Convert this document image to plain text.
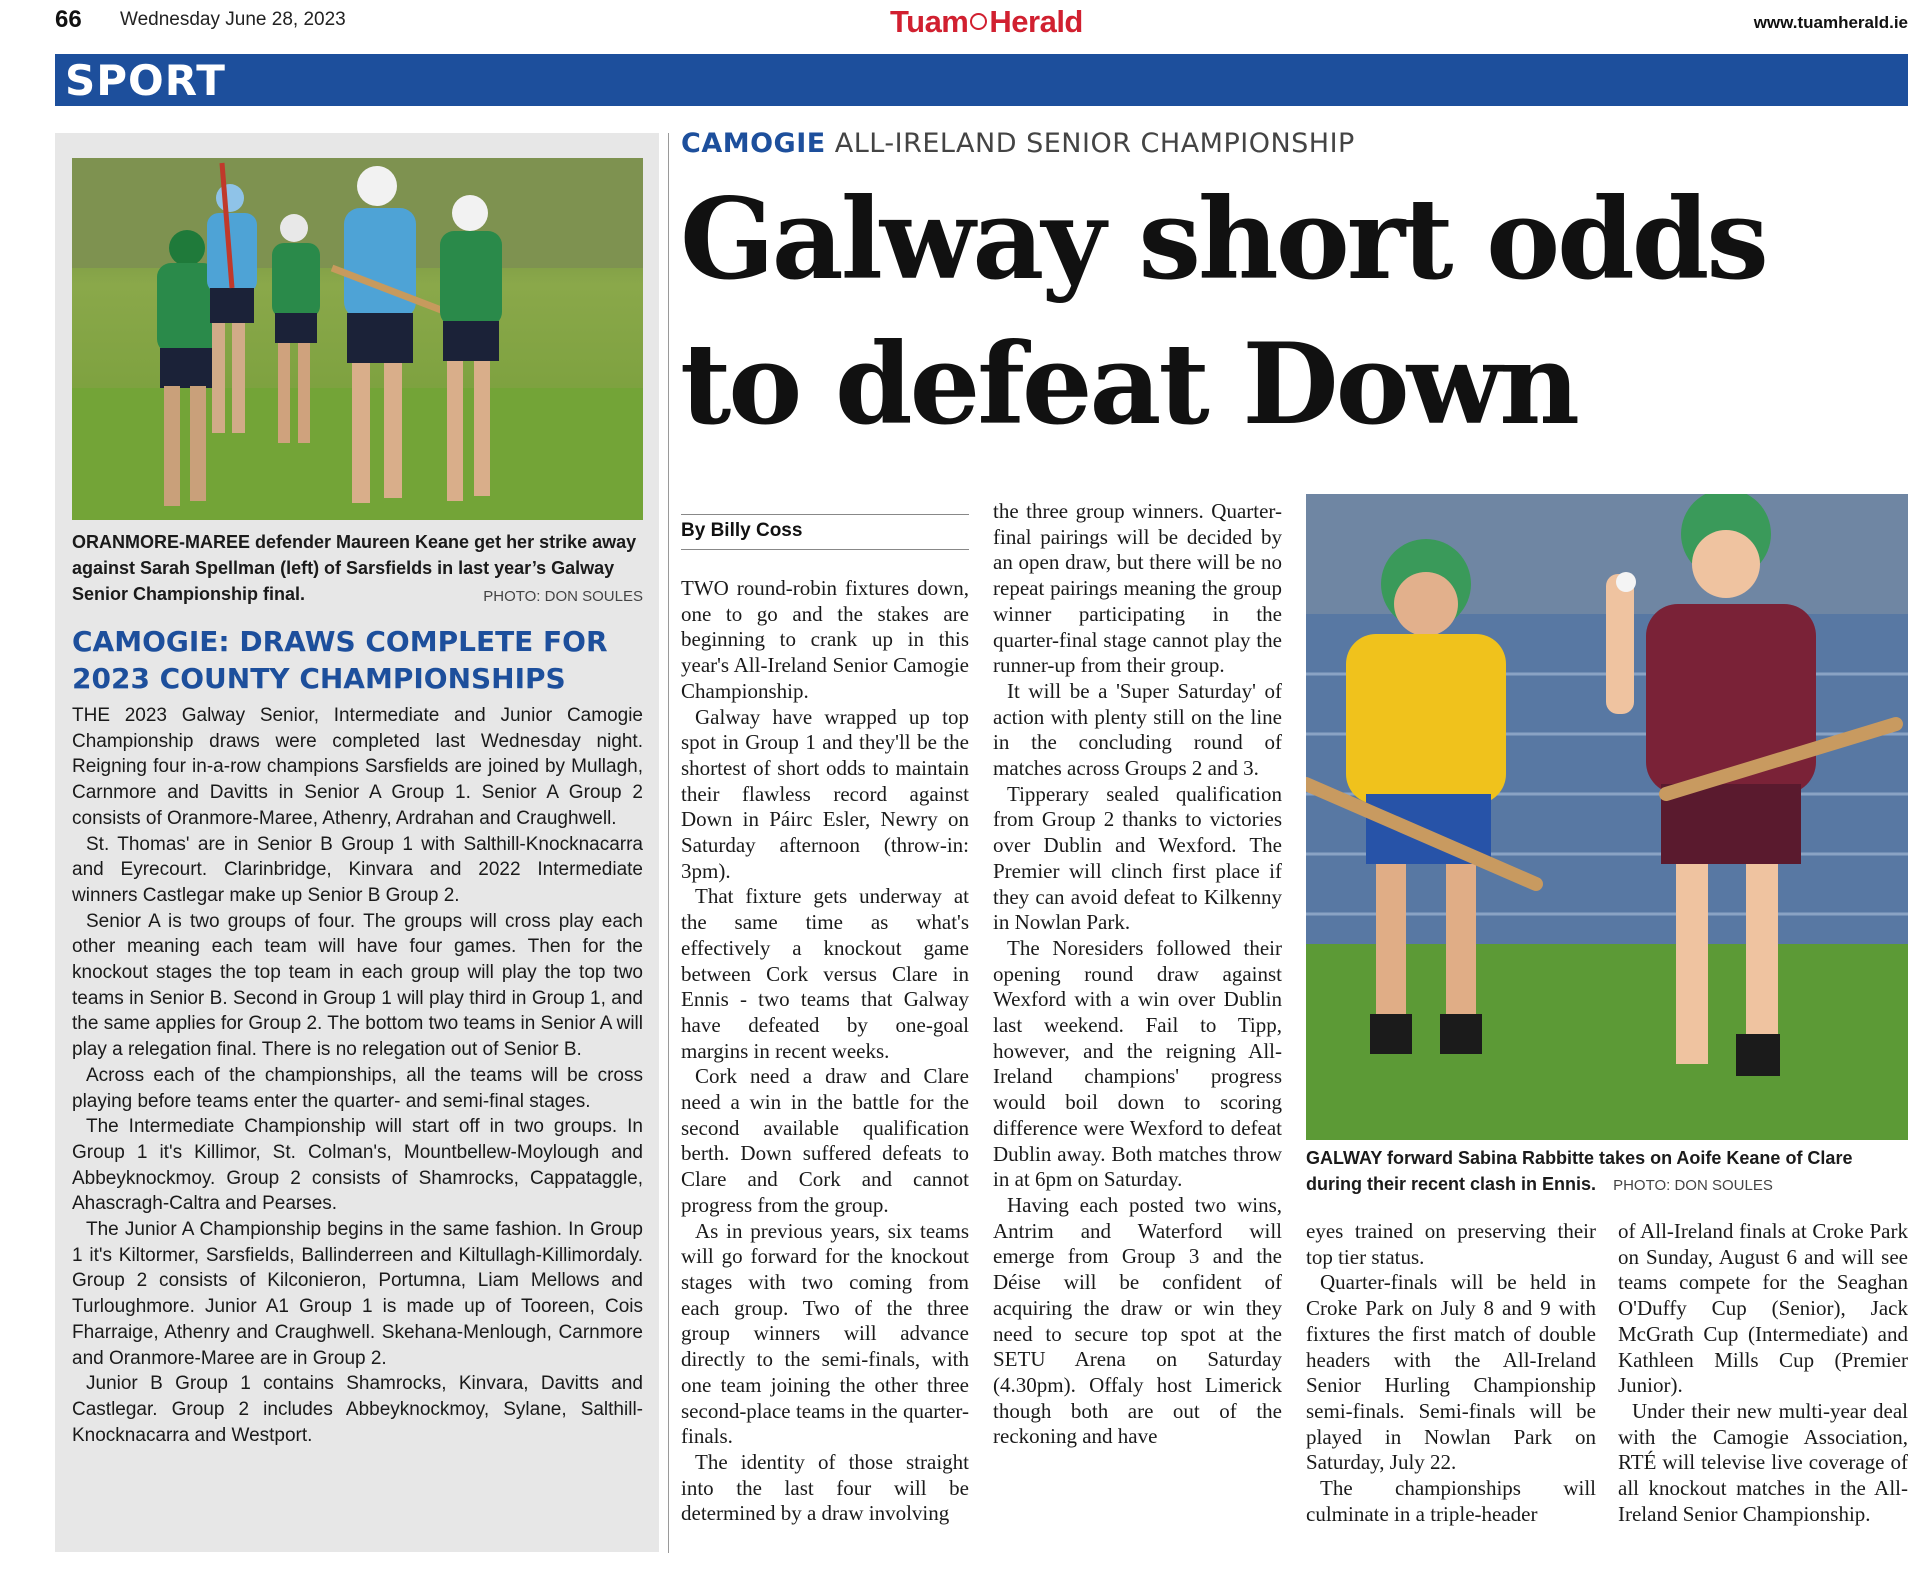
66 Wednesday June 28, 2023	Tuam Herald	www.tuamherald.ie
SPORT
ORANMORE-MAREE defender Maureen Keane get her strike away against Sarah Spellman (left) of Sarsfields in last year’s Galway Senior Championship final.	PHOTO: DON SOULES
CAMOGIE: DRAWS COMPLETE FOR 2023 COUNTY CHAMPIONSHIPS

THE 2023 Galway Senior, Intermediate and Junior Camogie Championship draws were completed last Wednesday night. Reigning four in-a-row champions Sarsfields are joined by Mullagh, Carnmore and Davitts in Senior A Group 1. Senior A Group 2 consists of Oranmore-Maree, Athenry, Ardrahan and Craughwell.

St. Thomas' are in Senior B Group 1 with Salthill-Knocknacarra and Eyrecourt. Clarinbridge, Kinvara and 2022 Intermediate winners Castlegar make up Senior B Group 2.

Senior A is two groups of four. The groups will cross play each other meaning each team will have four games. Then for the knockout stages the top team in each group will play the top two teams in Senior B. Second in Group 1 will play third in Group 1, and the same applies for Group 2. The bottom two teams in Senior A will play a relegation final. There is no relegation out of Senior B.

Across each of the championships, all the teams will be cross playing before teams enter the quarter- and semi-final stages.

The Intermediate Championship will start off in two groups. In Group 1 it's Killimor, St. Colman's, Mountbellew-Moylough and Abbeyknockmoy. Group 2 consists of Shamrocks, Cappataggle, Ahascragh-Caltra and Pearses.

The Junior A Championship begins in the same fashion. In Group 1 it's Kiltormer, Sarsfields, Ballinderreen and Kiltullagh-Killimordaly. Group 2 consists of Kilconieron, Portumna, Liam Mellows and Turloughmore. Junior A1 Group 1 is made up of Tooreen, Cois Fharraige, Athenry and Craughwell. Skehana-Menlough, Carnmore and Oranmore-Maree are in Group 2.

Junior B Group 1 contains Shamrocks, Kinvara, Davitts and Castlegar. Group 2 includes Abbeyknockmoy, Sylane, Salthill-Knocknacarra and Westport.

CAMOGIE ALL-IRELAND SENIOR CHAMPIONSHIP
Galway short odds
to defeat Down
By Billy Coss

TWO round-robin fixtures down, one to go and the stakes are beginning to crank up in this year's All-Ireland Senior Camogie Championship.

Galway have wrapped up top spot in Group 1 and they'll be the shortest of short odds to maintain their flawless record against Down in Páirc Esler, Newry on Saturday afternoon (throw-in: 3pm).

That fixture gets underway at the same time as what's effectively a knockout game between Cork versus Clare in Ennis - two teams that Galway have defeated by one-goal margins in recent weeks.

Cork need a draw and Clare need a win in the battle for the second available qualification berth. Down suffered defeats to Clare and Cork and cannot progress from the group.

As in previous years, six teams will go forward for the knockout stages with two coming from each group. Two of the three group winners will advance directly to the semi-finals, with one team joining the other three second-place teams in the quarter-finals.

The identity of those straight into the last four will be determined by a draw involving

the three group winners. Quarter-final pairings will be decided by an open draw, but there will be no repeat pairings meaning the group winner participating in the quarter-final stage cannot play the runner-up from their group.

It will be a 'Super Saturday' of action with plenty still on the line in the concluding round of matches across Groups 2 and 3.

Tipperary sealed qualification from Group 2 thanks to victories over Dublin and Wexford. The Premier will clinch first place if they can avoid defeat to Kilkenny in Nowlan Park.

The Noresiders followed their opening round draw against Wexford with a win over Dublin last weekend. Fail to Tipp, however, and the reigning All-Ireland champions' progress would boil down to scoring difference were Wexford to defeat Dublin away. Both matches throw in at 6pm on Saturday.

Having each posted two wins, Antrim and Waterford will emerge from Group 3 and the Déise will be confident of acquiring the draw or win they need to secure top spot at the SETU Arena on Saturday (4.30pm). Offaly host Limerick though both are out of the reckoning and have

GALWAY forward Sabina Rabbitte takes on Aoife Keane of Clare during their recent clash in Ennis. PHOTO: DON SOULES

eyes trained on preserving their top tier status.

Quarter-finals will be held in Croke Park on July 8 and 9 with fixtures the first match of double headers with the All-Ireland Senior Hurling Championship semi-finals. Semi-finals will be played in Nowlan Park on Saturday, July 22.

The championships will culminate in a triple-header

of All-Ireland finals at Croke Park on Sunday, August 6 and will see teams compete for the Seaghan O'Duffy Cup (Senior), Jack McGrath Cup (Intermediate) and Kathleen Mills Cup (Premier Junior).

Under their new multi-year deal with the Camogie Association, RTÉ will televise live coverage of all knockout matches in the All-Ireland Senior Championship.
